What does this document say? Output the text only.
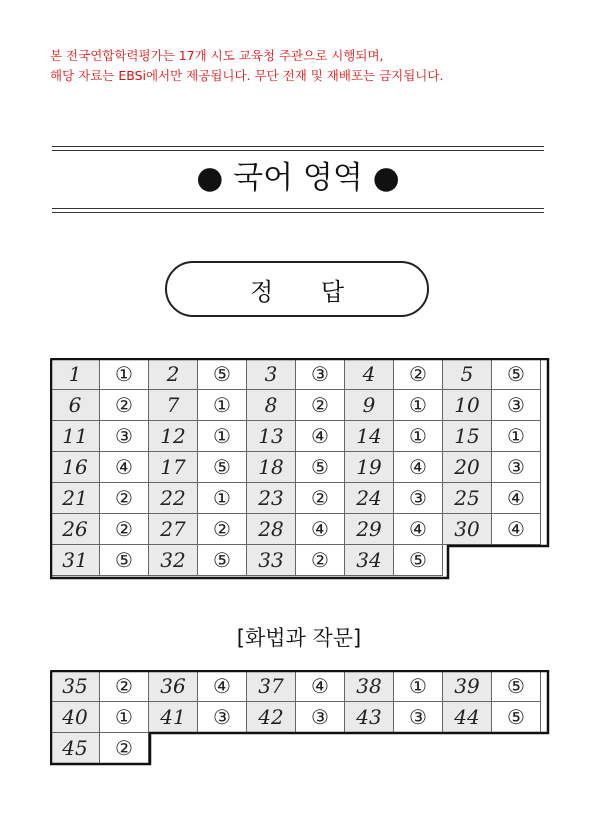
본 전국연합학력평가는 17개 시도 교육청 주관으로 시행되며,
해당 자료는 EBSi에서만 제공됩니다. 무단 전재 및 재배포는 금지됩니다.
● 국어 영역 ●
정 답
1	①	2	⑤	3	③	4	②	5	⑤
6	②	7	①	8	②	9	①	10	③
11	③	12	①	13	④	14	①	15	①
16	④	17	⑤	18	⑤	19	④	20	③
21	②	22	①	23	②	24	③	25	④
26	②	27	②	28	④	29	④	30	④
31	⑤	32	⑤	33	②	34	⑤		
[화법과 작문]
35	②	36	④	37	④	38	①	39	⑤
40	①	41	③	42	③	43	③	44	⑤
45	②								
